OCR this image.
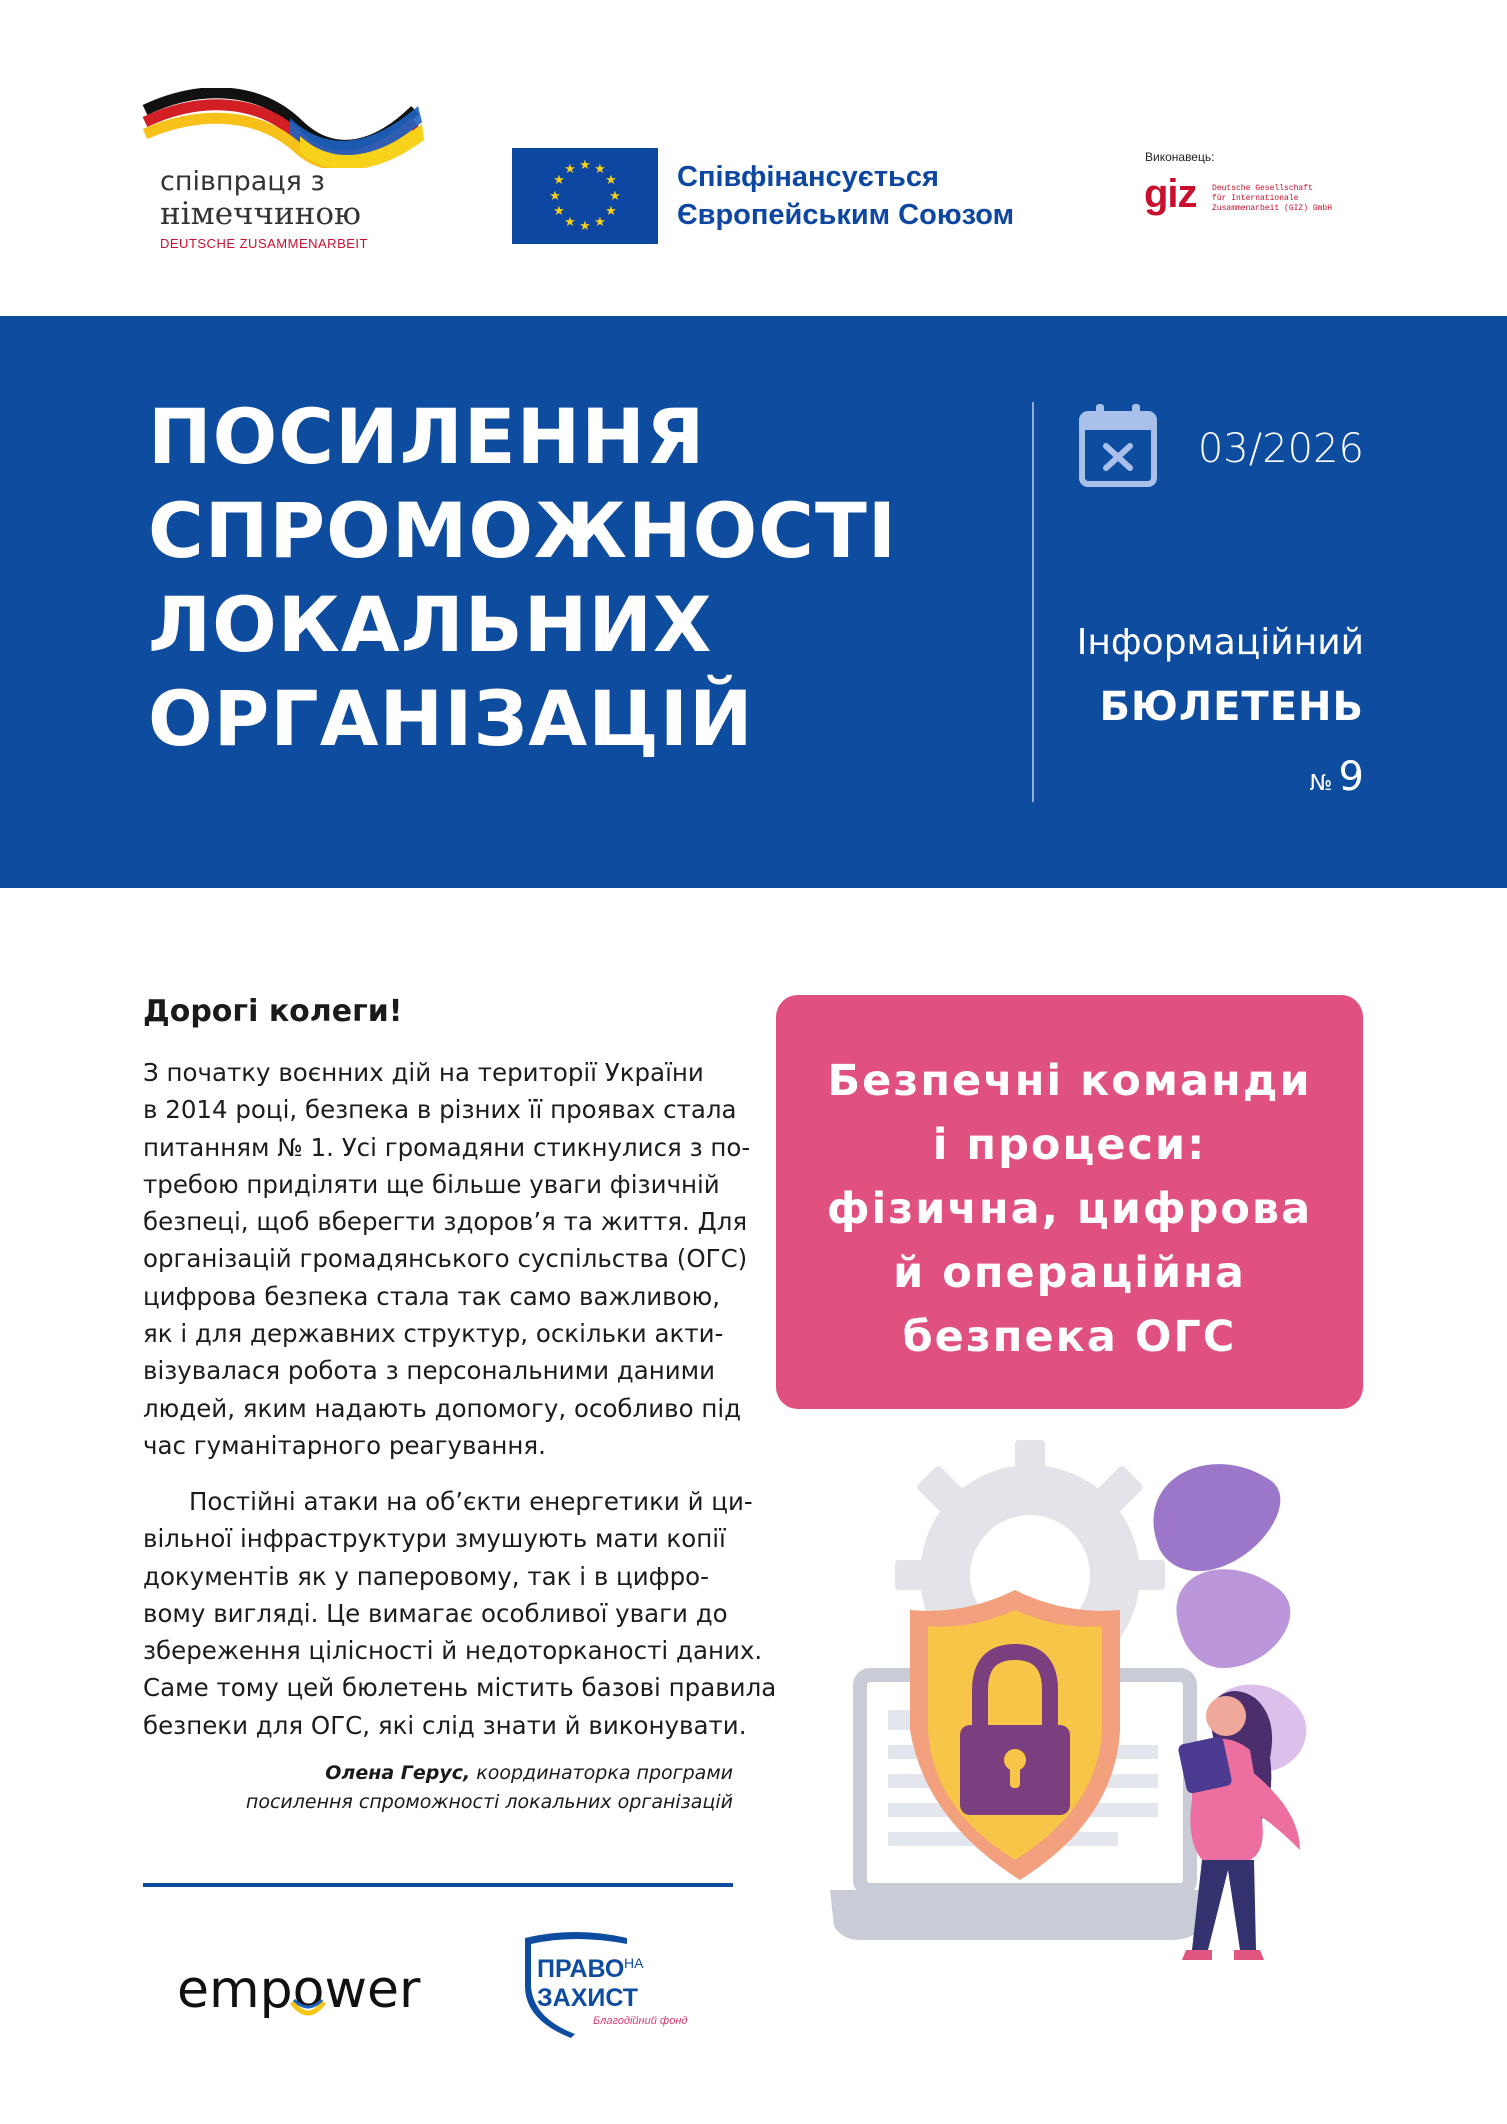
співпраця з
німеччиною
DEUTSCHE ZUSAMMENARBEIT
★ ★
★
★
★
★
★
★
★
★
★
★	Співфінансується
Європейським Союзом
Виконавець:
giz Deutsche Gesellschaft
für Internationale
Zusammenarbeit (GIZ) GmbH
ПОСИЛЕННЯ
СПРОМОЖНОСТІ
ЛОКАЛЬНИХ
ОРГАНІЗАЦІЙ
03/2026
Інформаційний
БЮЛЕТЕНЬ
№ 9
Дорогі колеги!
З початку воєнних дій на території України
в 2014 році, безпека в різних її проявах стала
питанням № 1. Усі громадяни стикнулися з по-
требою приділяти ще більше уваги фізичній
безпеці, щоб вберегти здоров’я та життя. Для
організацій громадянського суспільства (ОГС)
цифрова безпека стала так само важливою,
як і для державних структур, оскільки акти-
візувалася робота з персональними даними
людей, яким надають допомогу, особливо під
час гуманітарного реагування.
Постійні атаки на об’єкти енергетики й ци-
вільної інфраструктури змушують мати копії
документів як у паперовому, так і в цифро-
вому вигляді. Це вимагає особливої уваги до
збереження цілісності й недоторканості даних.
Саме тому цей бюлетень містить базові правила
безпеки для ОГС, які слід знати й виконувати.
Олена Герус, координаторка програми
посилення спроможності локальних організацій
empower	ПРАВО НА
ЗАХИСТ
Благодійний фонд
Безпечні команди
і процеси:
фізична, цифрова
й операційна
безпека ОГС
